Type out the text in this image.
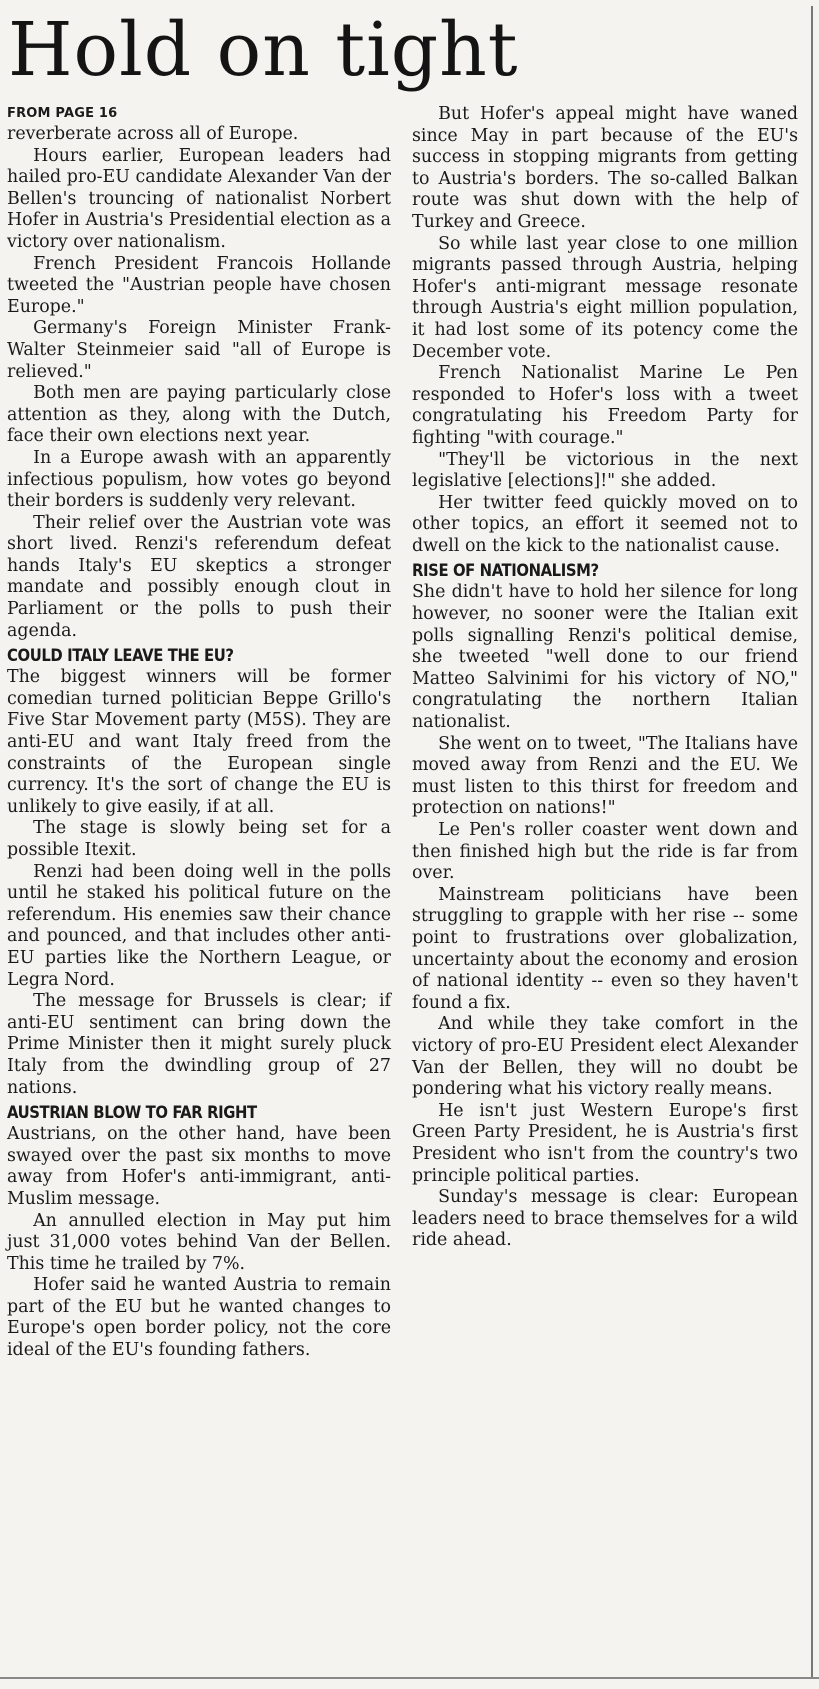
Hold on tight
FROM PAGE 16

reverberate across all of Europe.

Hours earlier, European leaders had hailed pro-EU candidate Alexander Van der Bellen's trouncing of nationalist Norbert Hofer in Austria's Presidential election as a victory over nationalism.

French President Francois Hollande tweeted the "Austrian people have chosen Europe."

Germany's Foreign Minister Frank-Walter Steinmeier said "all of Europe is relieved."

Both men are paying particularly close attention as they, along with the Dutch, face their own elections next year.

In a Europe awash with an apparently infectious populism, how votes go beyond their borders is suddenly very relevant.

Their relief over the Austrian vote was short lived. Renzi's referendum defeat hands Italy's EU skeptics a stronger mandate and possibly enough clout in Parliament or the polls to push their agenda.

COULD ITALY LEAVE THE EU?

The biggest winners will be former comedian turned politician Beppe Grillo's Five Star Movement party (M5S). They are anti-EU and want Italy freed from the constraints of the European single currency. It's the sort of change the EU is unlikely to give easily, if at all.

The stage is slowly being set for a possible Itexit.

Renzi had been doing well in the polls until he staked his political future on the referendum. His enemies saw their chance and pounced, and that includes other anti-EU parties like the Northern League, or Legra Nord.

The message for Brussels is clear; if anti-EU sentiment can bring down the Prime Minister then it might surely pluck Italy from the dwindling group of 27 nations.

AUSTRIAN BLOW TO FAR RIGHT

Austrians, on the other hand, have been swayed over the past six months to move away from Hofer's anti-immigrant, anti-Muslim message.

An annulled election in May put him just 31,000 votes behind Van der Bellen. This time he trailed by 7%.

Hofer said he wanted Austria to remain part of the EU but he wanted changes to Europe's open border policy, not the core ideal of the EU's founding fathers.

But Hofer's appeal might have waned since May in part because of the EU's success in stopping migrants from getting to Austria's borders. The so-called Balkan route was shut down with the help of Turkey and Greece.

So while last year close to one million migrants passed through Austria, helping Hofer's anti-migrant message resonate through Austria's eight million population, it had lost some of its potency come the December vote.

French Nationalist Marine Le Pen responded to Hofer's loss with a tweet congratulating his Freedom Party for fighting "with courage."

"They'll be victorious in the next legislative [elections]!" she added.

Her twitter feed quickly moved on to other topics, an effort it seemed not to dwell on the kick to the nationalist cause.

RISE OF NATIONALISM?

She didn't have to hold her silence for long however, no sooner were the Italian exit polls signalling Renzi's political demise, she tweeted "well done to our friend Matteo Salvinimi for his victory of NO," congratulating the northern Italian nationalist.

She went on to tweet, "The Italians have moved away from Renzi and the EU. We must listen to this thirst for freedom and protection on nations!"

Le Pen's roller coaster went down and then finished high but the ride is far from over.

Mainstream politicians have been struggling to grapple with her rise -- some point to frustrations over globalization, uncertainty about the economy and erosion of national identity -- even so they haven't found a fix.

And while they take comfort in the victory of pro-EU President elect Alexander Van der Bellen, they will no doubt be pondering what his victory really means.

He isn't just Western Europe's first Green Party President, he is Austria's first President who isn't from the country's two principle political parties.

Sunday's message is clear: European leaders need to brace themselves for a wild ride ahead.
